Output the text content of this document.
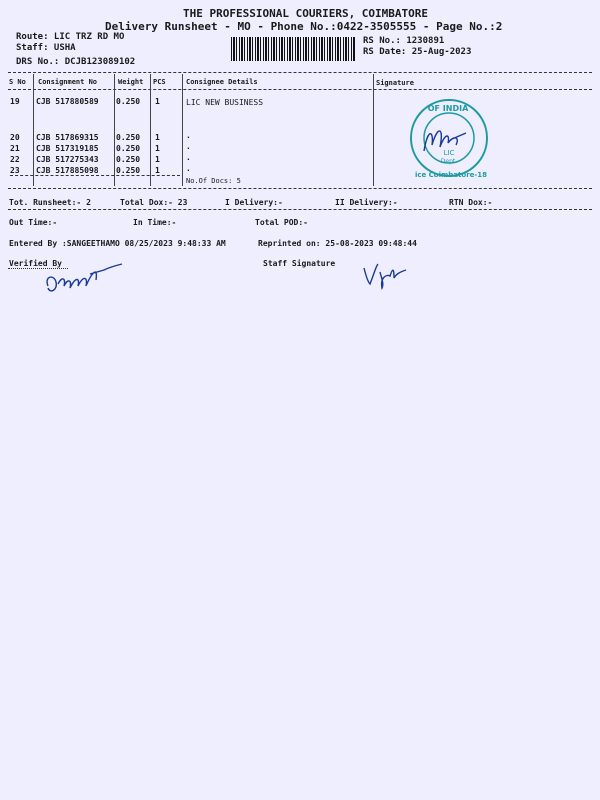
THE PROFESSIONAL COURIERS, COIMBATORE
Delivery Runsheet - MO - Phone No.:0422-3505555 - Page No.:2
Route: LIC TRZ RD MO
Staff: USHA
DRS No.: DCJB123089102
RS No.: 1230891
RS Date: 25-Aug-2023
S No Consignment No	Weight PCS	Consignee Details	Signature
19 CJB 517880589 0.250 1	LIC NEW BUSINESS
20 CJB 517869315 0.250 1	.
21 CJB 517319185 0.250 1	.
22 CJB 517275343 0.250 1	.
23 CJB 517885098 0.250 1	.
No.Of Docs: 5
OF INDIA
LIC
Dept.
ice Coimbatore-18
Tot. Runsheet:- 2	Total Dox:- 23	I Delivery:-	II Delivery:-	RTN Dox:-
Out Time:-	In Time:-	Total POD:-
Entered By :SANGEETHAMO 08/25/2023 9:48:33 AM	Reprinted on: 25-08-2023 09:48:44
Verified By	Staff Signature
